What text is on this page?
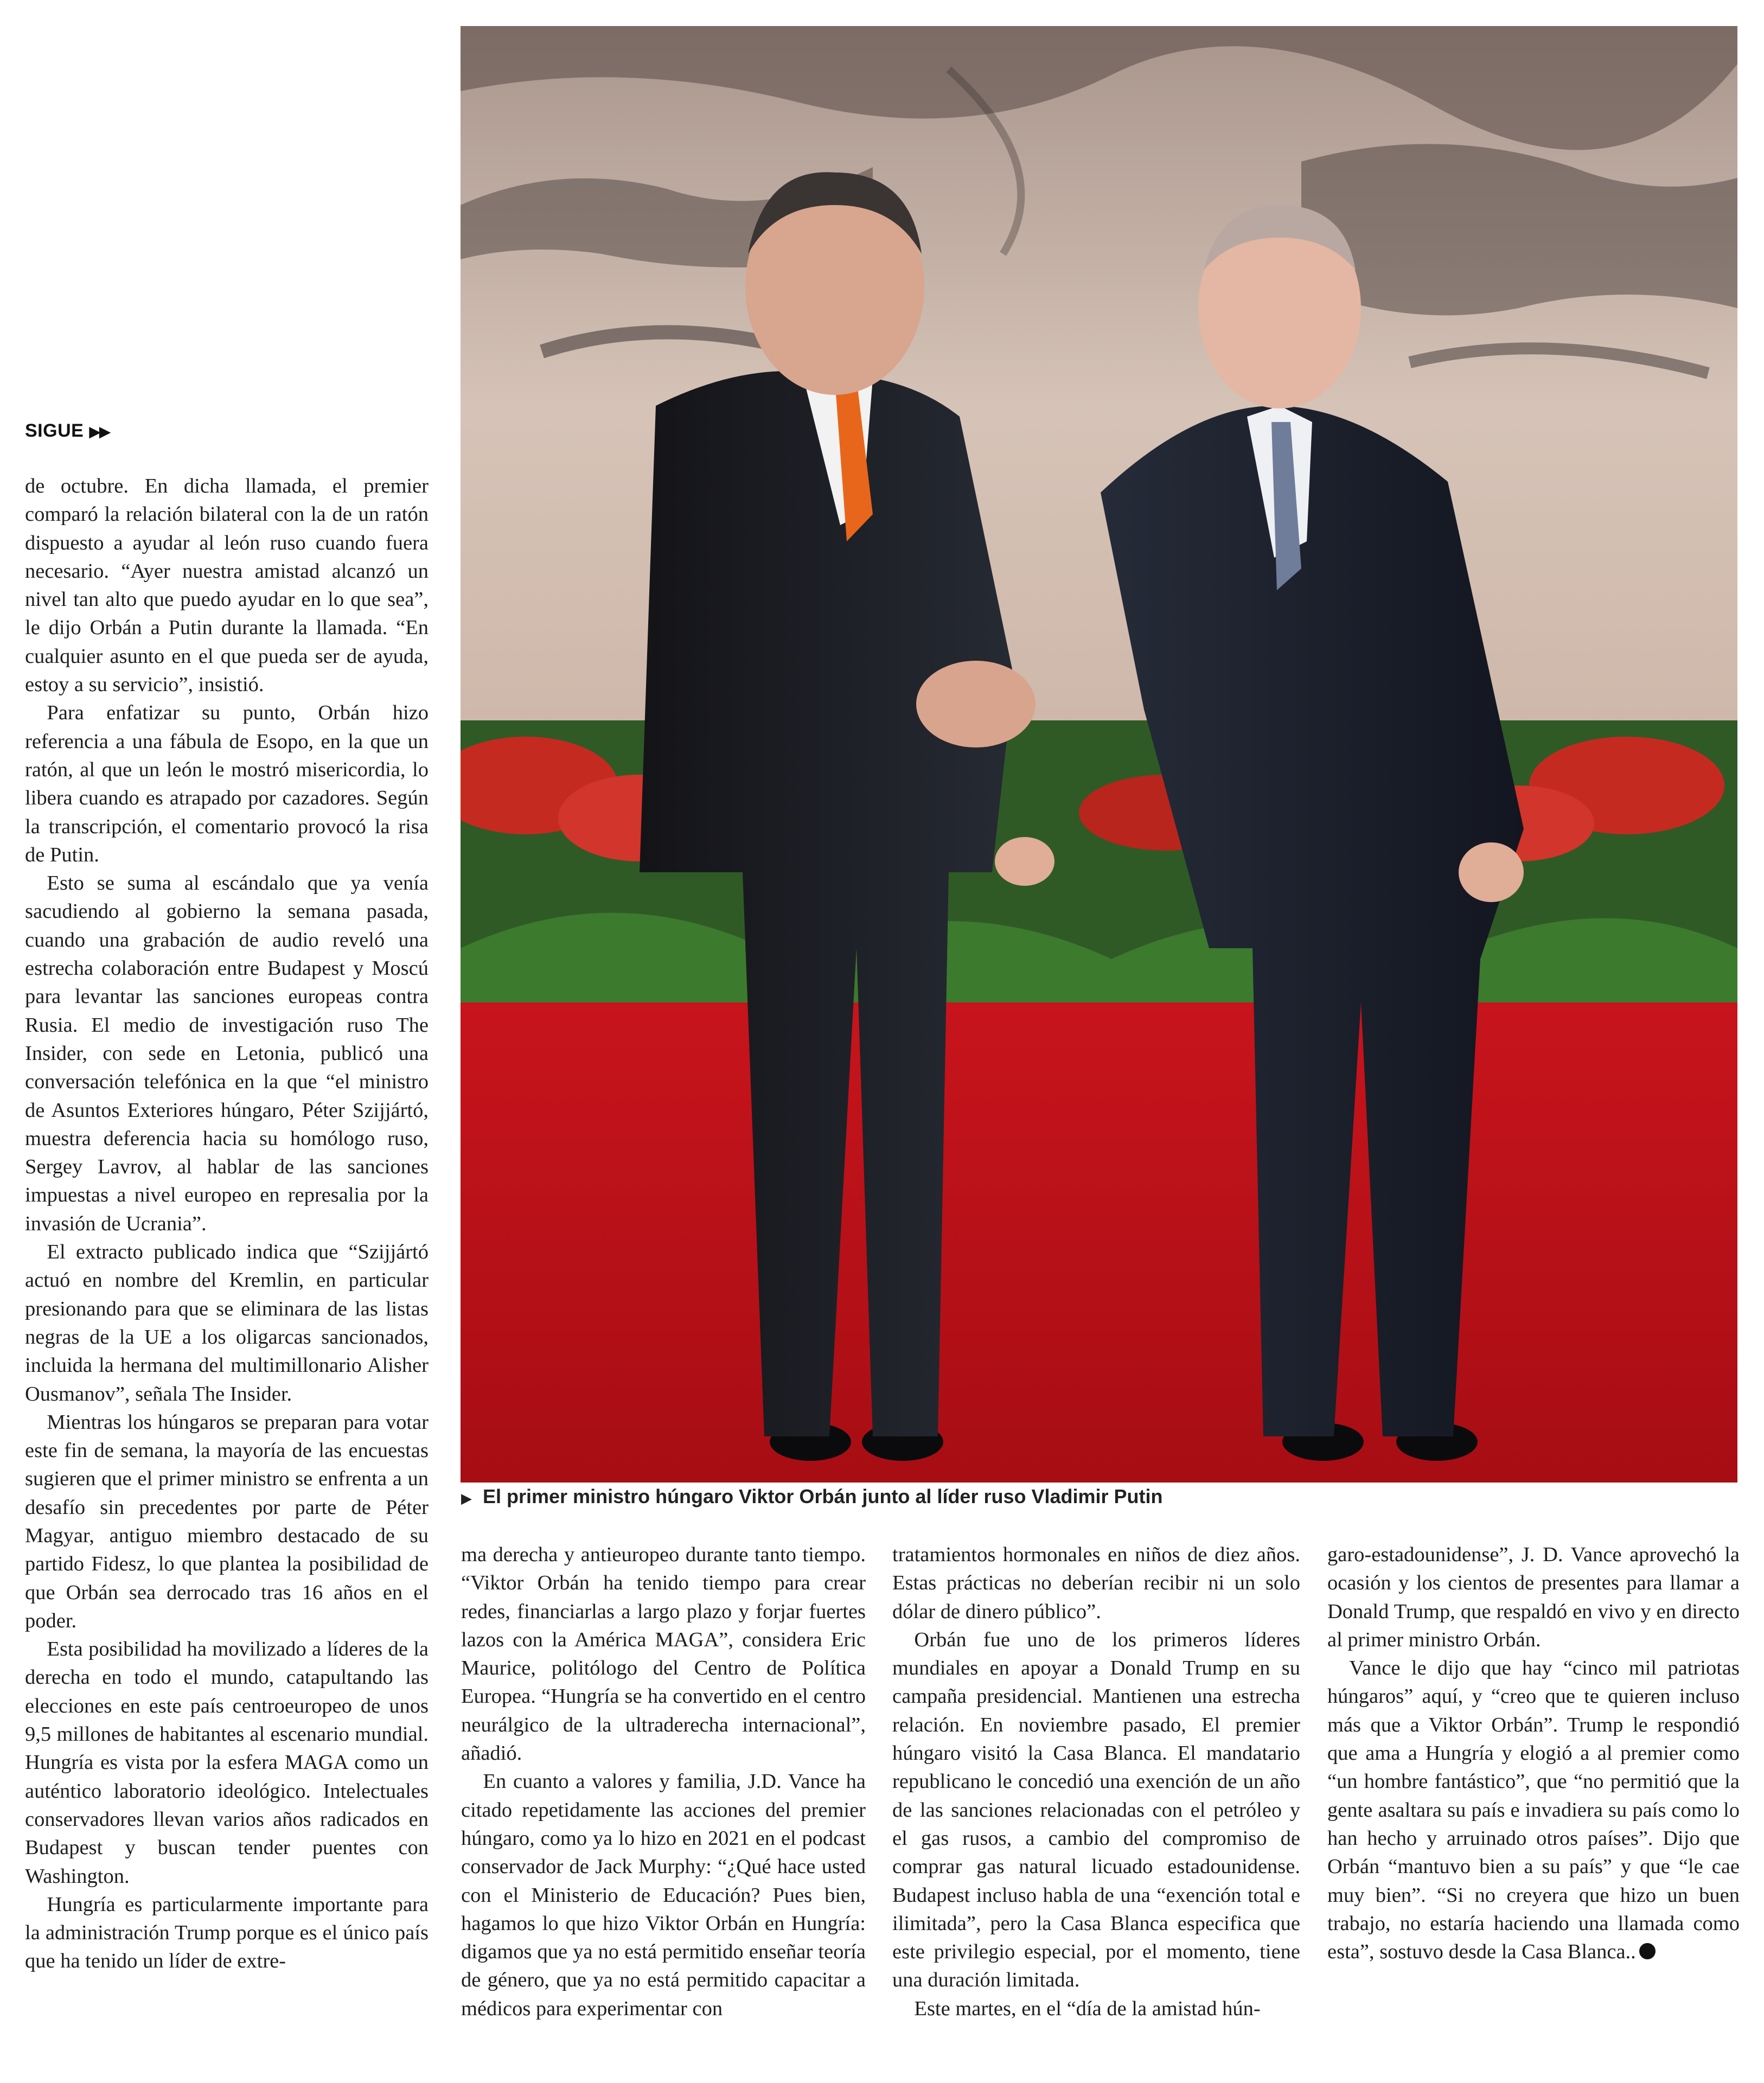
SIGUE ▶▶

de octubre. En dicha llamada, el premier comparó la relación bilateral con la de un ratón dispuesto a ayudar al león ruso cuando fuera necesario. “Ayer nuestra amistad alcanzó un nivel tan alto que puedo ayudar en lo que sea”, le dijo Orbán a Putin durante la llamada. “En cualquier asunto en el que pueda ser de ayuda, estoy a su servicio”, insistió.

Para enfatizar su punto, Orbán hizo referencia a una fábula de Esopo, en la que un ratón, al que un león le mostró misericordia, lo libera cuando es atrapado por cazadores. Según la transcripción, el comentario provocó la risa de Putin.

Esto se suma al escándalo que ya venía sacudiendo al gobierno la semana pasada, cuando una grabación de audio reveló una estrecha colaboración entre Budapest y Moscú para levantar las sanciones europeas contra Rusia. El medio de investigación ruso The Insider, con sede en Letonia, publicó una conversación telefónica en la que “el ministro de Asuntos Exteriores húngaro, Péter Szijjártó, muestra deferencia hacia su homólogo ruso, Sergey Lavrov, al hablar de las sanciones impuestas a nivel europeo en represalia por la invasión de Ucrania”.

El extracto publicado indica que “Szijjártó actuó en nombre del Kremlin, en particular presionando para que se eliminara de las listas negras de la UE a los oligarcas sancionados, incluida la hermana del multimillonario Alisher Ousmanov”, señala The Insider.

Mientras los húngaros se preparan para votar este fin de semana, la mayoría de las encuestas sugieren que el primer ministro se enfrenta a un desafío sin precedentes por parte de Péter Magyar, antiguo miembro destacado de su partido Fidesz, lo que plantea la posibilidad de que Orbán sea derrocado tras 16 años en el poder.

Esta posibilidad ha movilizado a líderes de la derecha en todo el mundo, catapultando las elecciones en este país centroeuropeo de unos 9,5 millones de habitantes al escenario mundial. Hungría es vista por la esfera MAGA como un auténtico laboratorio ideológico. Intelectuales conservadores llevan varios años radicados en Budapest y buscan tender puentes con Washington.

Hungría es particularmente importante para la administración Trump porque es el único país que ha tenido un líder de extre-

▶ El primer ministro húngaro Viktor Orbán junto al líder ruso Vladimir Putin

ma derecha y antieuropeo durante tanto tiempo. “Viktor Orbán ha tenido tiempo para crear redes, financiarlas a largo plazo y forjar fuertes lazos con la América MAGA”, considera Eric Maurice, politólogo del Centro de Política Europea. “Hungría se ha convertido en el centro neurálgico de la ultraderecha internacional”, añadió.

En cuanto a valores y familia, J.D. Vance ha citado repetidamente las acciones del premier húngaro, como ya lo hizo en 2021 en el podcast conservador de Jack Murphy: “¿Qué hace usted con el Ministerio de Educación? Pues bien, hagamos lo que hizo Viktor Orbán en Hungría: digamos que ya no está permitido enseñar teoría de género, que ya no está permitido capacitar a médicos para experimentar con

tratamientos hormonales en niños de diez años. Estas prácticas no deberían recibir ni un solo dólar de dinero público”.

Orbán fue uno de los primeros líderes mundiales en apoyar a Donald Trump en su campaña presidencial. Mantienen una estrecha relación. En noviembre pasado, El premier húngaro visitó la Casa Blanca. El mandatario republicano le concedió una exención de un año de las sanciones relacionadas con el petróleo y el gas rusos, a cambio del compromiso de comprar gas natural licuado estadounidense. Budapest incluso habla de una “exención total e ilimitada”, pero la Casa Blanca especifica que este privilegio especial, por el momento, tiene una duración limitada.

Este martes, en el “día de la amistad hún-

garo-estadounidense”, J. D. Vance aprovechó la ocasión y los cientos de presentes para llamar a Donald Trump, que respaldó en vivo y en directo al primer ministro Orbán.

Vance le dijo que hay “cinco mil patriotas húngaros” aquí, y “creo que te quieren incluso más que a Viktor Orbán”. Trump le respondió que ama a Hungría y elogió a al premier como “un hombre fantástico”, que “no permitió que la gente asaltara su país e invadiera su país como lo han hecho y arruinado otros países”. Dijo que Orbán “mantuvo bien a su país” y que “le cae muy bien”. “Si no creyera que hizo un buen trabajo, no estaría haciendo una llamada como esta”, sostuvo desde la Casa Blanca..
